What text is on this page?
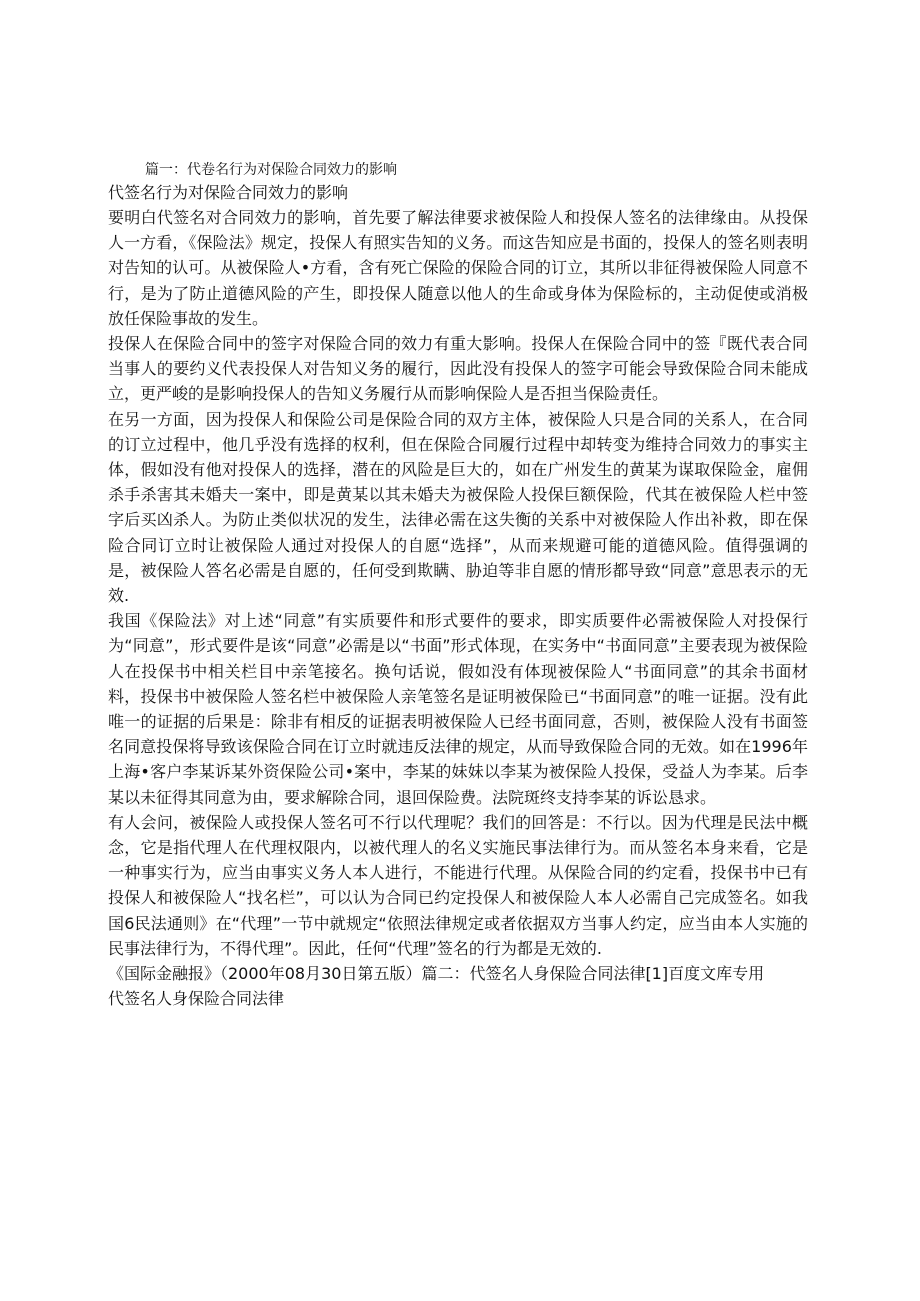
篇一：代卷名行为对保险合同效力的影响

代签名行为对保险合同效力的影响

要明白代签名对合同效力的影响，首先要了解法律要求被保险人和投保人签名的法律缘由。从投保人一方看，《保险法》规定，投保人有照实告知的义务。而这告知应是书面的，投保人的签名则表明对告知的认可。从被保险人•方看，含有死亡保险的保险合同的订立，其所以非征得被保险人同意不行，是为了防止道德风险的产生，即投保人随意以他人的生命或身体为保险标的，主动促使或消极放任保险事故的发生。

投保人在保险合同中的签字对保险合同的效力有重大影响。投保人在保险合同中的签『既代表合同当事人的要约义代表投保人对告知义务的履行，因此没有投保人的签字可能会导致保险合同未能成立，更严峻的是影响投保人的告知义务履行从而影响保险人是否担当保险责任。

在另一方面，因为投保人和保险公司是保险合同的双方主体，被保险人只是合同的关系人，在合同的订立过程中，他几乎没有选择的权利，但在保险合同履行过程中却转变为维持合同效力的事实主体，假如没有他对投保人的选择，潜在的风险是巨大的，如在广州发生的黄某为谋取保险金，雇佣杀手杀害其未婚夫一案中，即是黄某以其未婚夫为被保险人投保巨额保险，代其在被保险人栏中签字后买凶杀人。为防止类似状况的发生，法律必需在这失衡的关系中对被保险人作出补救，即在保险合同订立时让被保险人通过对投保人的自愿“选择”，从而来规避可能的道德风险。值得强调的是，被保险人答名必需是自愿的，任何受到欺瞒、胁迫等非自愿的情形都导致“同意”意思表示的无效.

我国《保险法》对上述“同意”有实质要件和形式要件的要求，即实质要件必需被保险人对投保行为“同意”，形式要件是该“同意”必需是以“书面”形式体现，在实务中“书面同意”主要表现为被保险人在投保书中相关栏目中亲笔接名。换句话说，假如没有体现被保险人“书面同意”的其余书面材料，投保书中被保险人签名栏中被保险人亲笔签名是证明被保险已“书面同意”的唯一证据。没有此唯一的证据的后果是：除非有相反的证据表明被保险人已经书面同意，否则，被保险人没有书面签名同意投保将导致该保险合同在订立时就违反法律的规定，从而导致保险合同的无效。如在1996年上海•客户李某诉某外资保险公司•案中，李某的妹妹以李某为被保险人投保，受益人为李某。后李某以未征得其同意为由，要求解除合同，退回保险费。法院斑终支持李某的诉讼恳求。

有人会问，被保险人或投保人签名可不行以代理呢？我们的回答是：不行以。因为代理是民法中概念，它是指代理人在代理权限内，以被代理人的名义实施民事法律行为。而从签名本身来看，它是一种事实行为，应当由事实义务人本人进行，不能进行代理。从保险合同的约定看，投保书中已有投保人和被保险人“找名栏”，可以认为合同已约定投保人和被保险人本人必需自己完成签名。如我国6民法通则》在“代理”一节中就规定“依照法律规定或者依据双方当事人约定，应当由本人实施的民事法律行为，不得代理”。因此，任何“代理”签名的行为都是无效的.

《国际金融报》（2000年08月30日第五版）篇二：代签名人身保险合同法律[1]百度文库专用

代签名人身保险合同法律
